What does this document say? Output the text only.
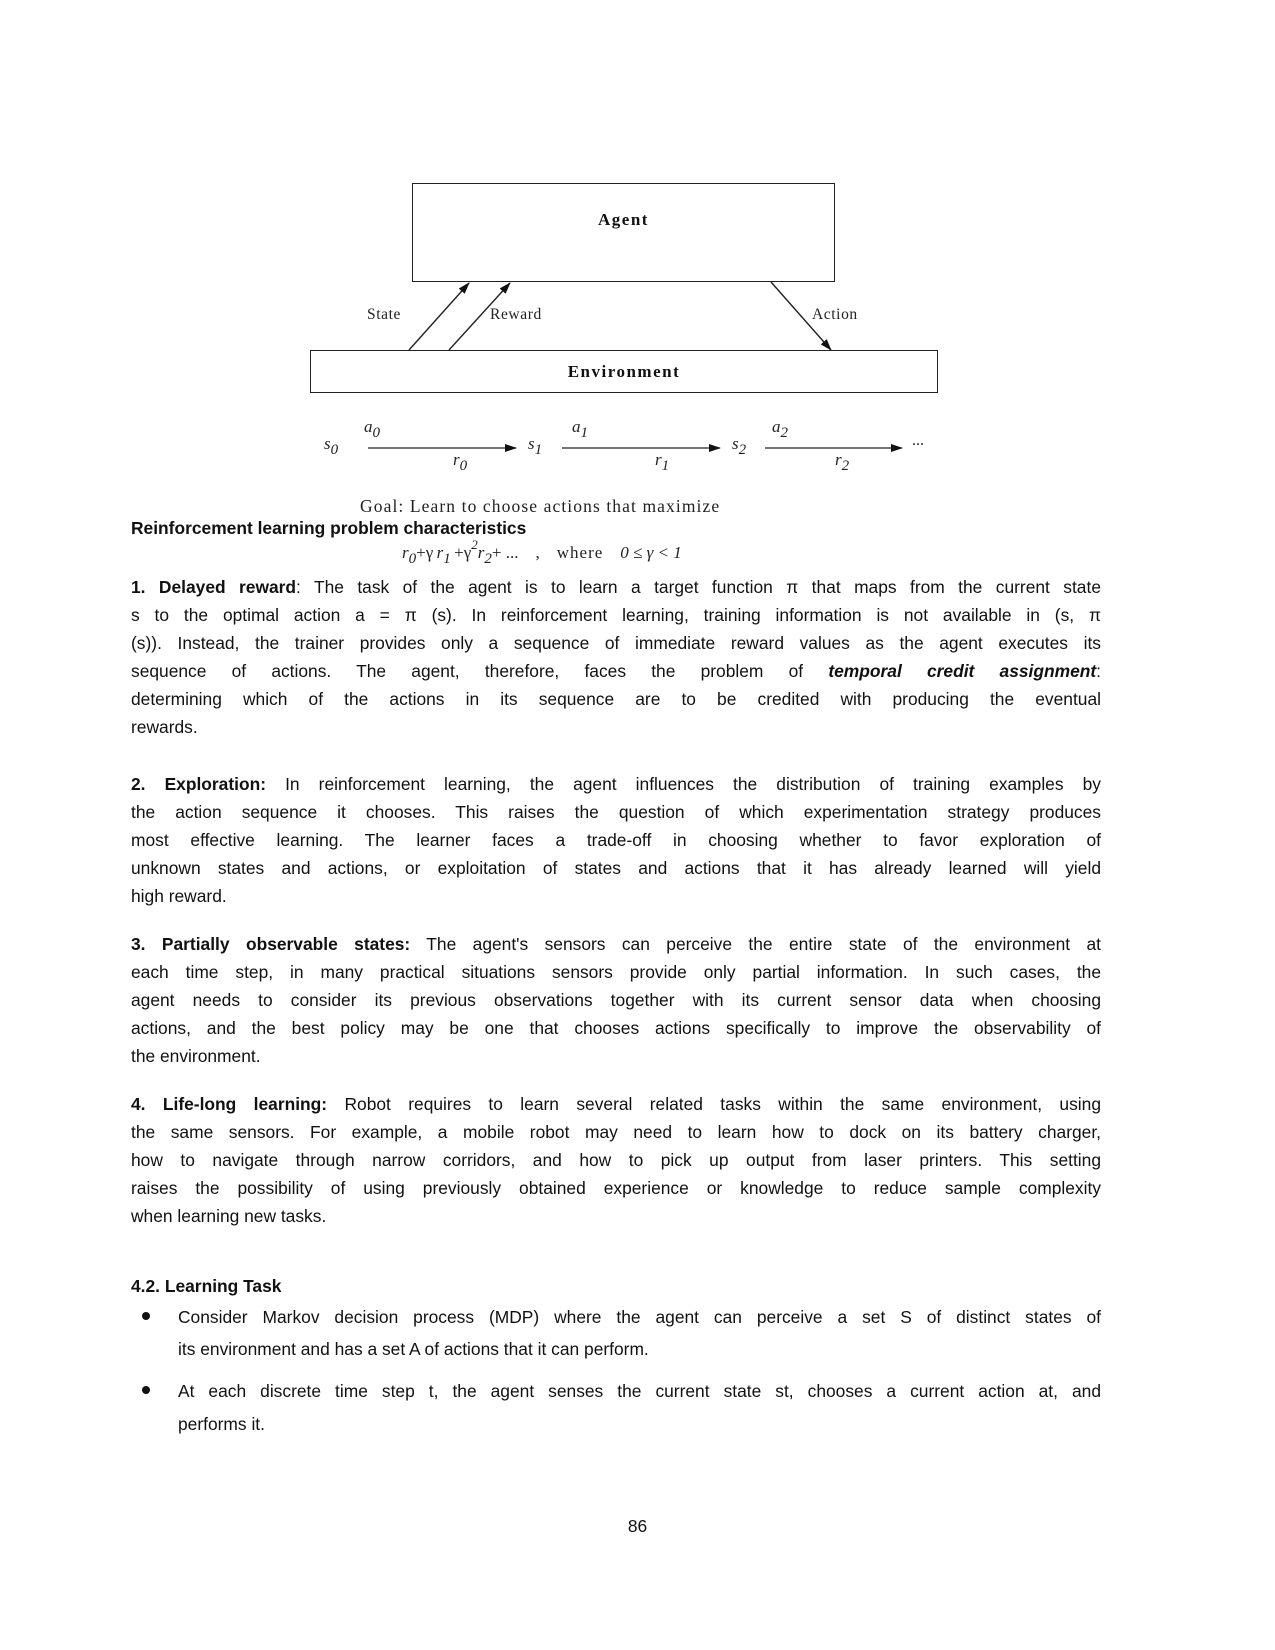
Agent
Environment
State	Reward	Action
$s_0$
$a_0$
$r_0$
$s_1$
$a_1$
$r_1$
$s_2$
$a_2$
$r_2$
...
Goal: Learn to choose actions that maximize
$r_0+\gamma$  $r_1 +\gamma^2r_2+$ ...  ,  where  0 ≤ γ < 1
Reinforcement learning problem characteristics
1. Delayed reward: The task of the agent is to learn a target function π that maps from the current state
s to the optimal action a = π (s). In reinforcement learning, training information is not available in (s, π
(s)). Instead, the trainer provides only a sequence of immediate reward values as the agent executes its
sequence of actions. The agent, therefore, faces the problem of temporal credit assignment:
determining which of the actions in its sequence are to be credited with producing the eventual
rewards.
2. Exploration: In reinforcement learning, the agent influences the distribution of training examples by
the action sequence it chooses. This raises the question of which experimentation strategy produces
most effective learning. The learner faces a trade-off in choosing whether to favor exploration of
unknown states and actions, or exploitation of states and actions that it has already learned will yield
high reward.
3. Partially observable states: The agent's sensors can perceive the entire state of the environment at
each time step, in many practical situations sensors provide only partial information. In such cases, the
agent needs to consider its previous observations together with its current sensor data when choosing
actions, and the best policy may be one that chooses actions specifically to improve the observability of
the environment.
4. Life-long learning: Robot requires to learn several related tasks within the same environment, using
the same sensors. For example, a mobile robot may need to learn how to dock on its battery charger,
how to navigate through narrow corridors, and how to pick up output from laser printers. This setting
raises the possibility of using previously obtained experience or knowledge to reduce sample complexity
when learning new tasks.
4.2. Learning Task
Consider Markov decision process (MDP) where the agent can perceive a set S of distinct states of
its environment and has a set A of actions that it can perform.
At each discrete time step t, the agent senses the current state st, chooses a current action at, and
performs it.
86
